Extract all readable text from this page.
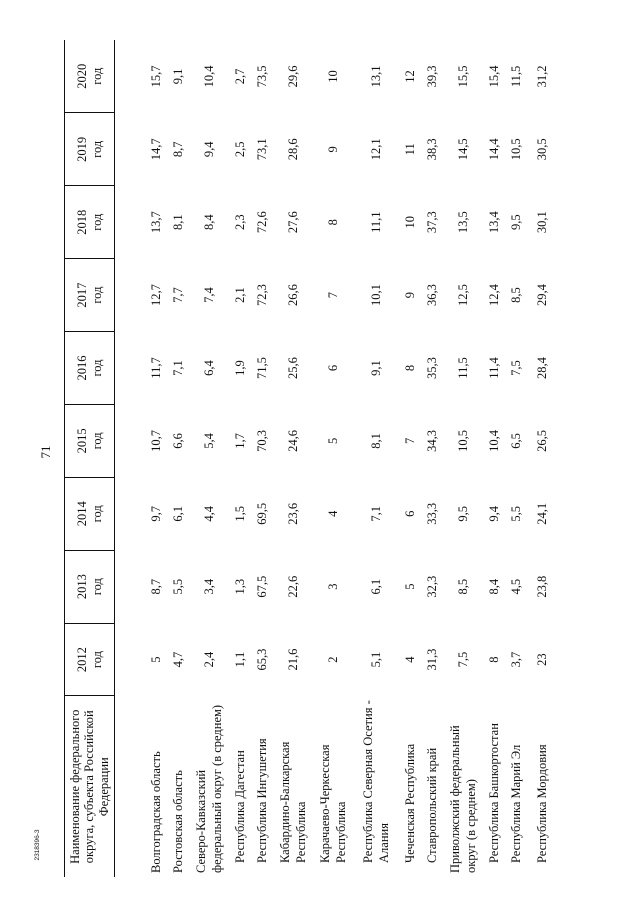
71
Наименование федерального округа, субъекта Российской Федерации	2012 год	2013 год	2014 год	2015 год	2016 год	2017 год	2018 год	2019 год	2020 год

Волгоградская область	5	8,7	9,7	10,7	11,7	12,7	13,7	14,7	15,7
Ростовская область	4,7	5,5	6,1	6,6	7,1	7,7	8,1	8,7	9,1
Северо-Кавказский федеральный округ (в среднем)	2,4	3,4	4,4	5,4	6,4	7,4	8,4	9,4	10,4
Республика Дагестан	1,1	1,3	1,5	1,7	1,9	2,1	2,3	2,5	2,7
Республика Ингушетия	65,3	67,5	69,5	70,3	71,5	72,3	72,6	73,1	73,5
Кабардино-Балкарская Республика	21,6	22,6	23,6	24,6	25,6	26,6	27,6	28,6	29,6
Карачаево-Черкесская Республика	2	3	4	5	6	7	8	9	10
Республика Северная Осетия - Алания	5,1	6,1	7,1	8,1	9,1	10,1	11,1	12,1	13,1
Чеченская Республика	4	5	6	7	8	9	10	11	12
Ставропольский край	31,3	32,3	33,3	34,3	35,3	36,3	37,3	38,3	39,3
Приволжский федеральный округ (в среднем)	7,5	8,5	9,5	10,5	11,5	12,5	13,5	14,5	15,5
Республика Башкортостан	8	8,4	9,4	10,4	11,4	12,4	13,4	14,4	15,4
Республика Марий Эл	3,7	4,5	5,5	6,5	7,5	8,5	9,5	10,5	11,5
Республика Мордовия	23	23,8	24,1	26,5	28,4	29,4	30,1	30,5	31,2
2318396-3
